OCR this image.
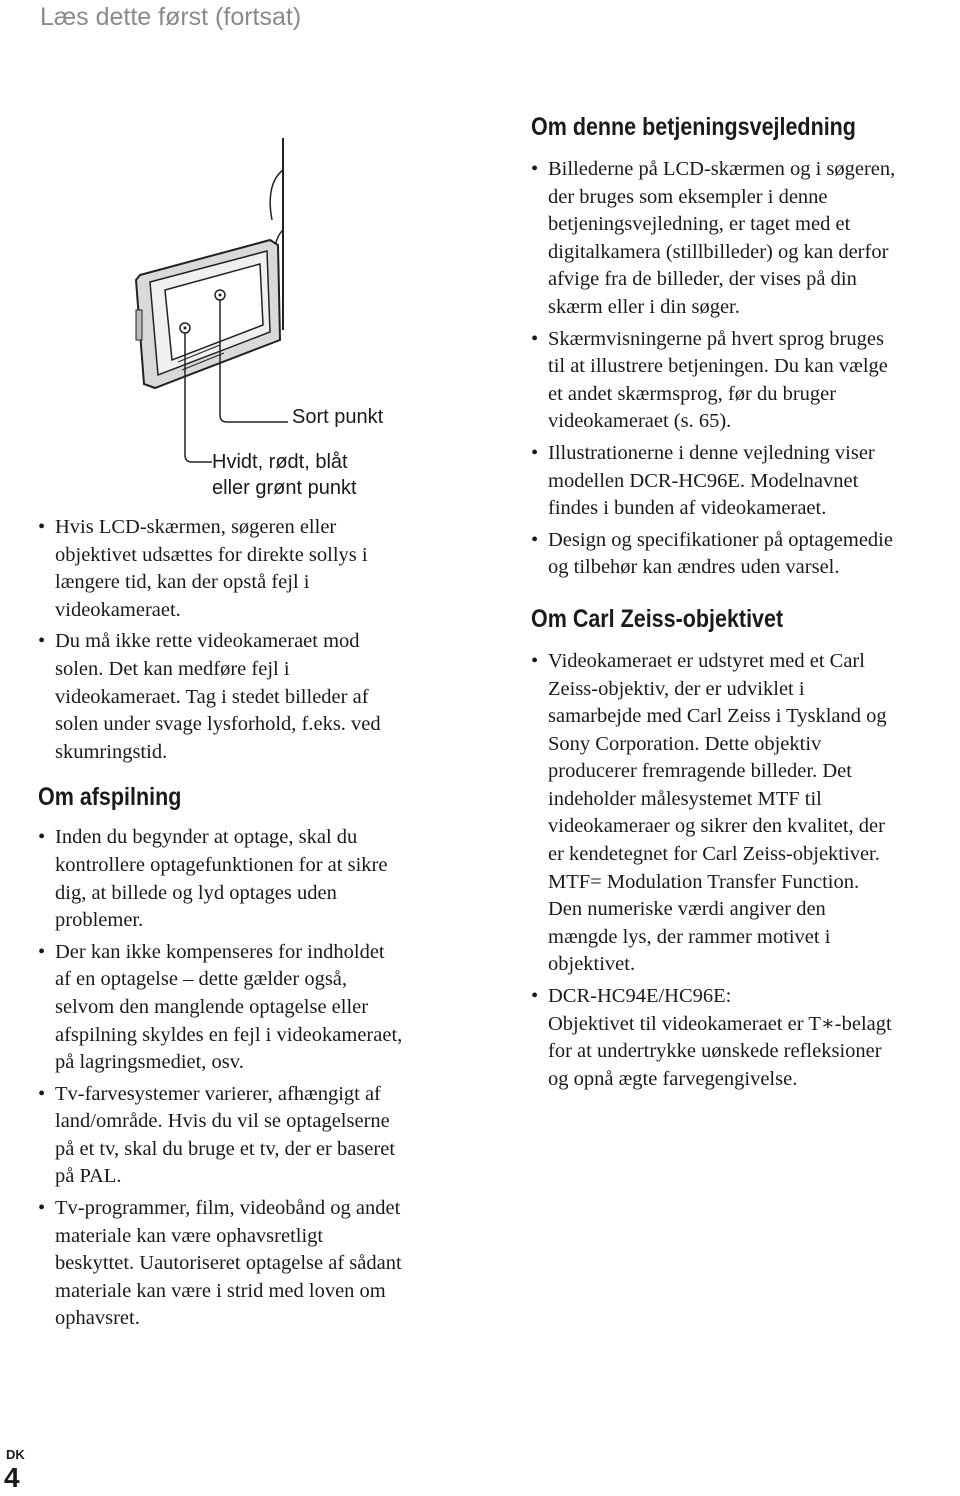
Læs dette først (fortsat)
Sort punkt
Hvidt, rødt, blåt
eller grønt punkt
• Hvis LCD-skærmen, søgeren eller
objektivet udsættes for direkte sollys i
længere tid, kan der opstå fejl i
videokameraet.
• Du må ikke rette videokameraet mod
solen. Det kan medføre fejl i
videokameraet. Tag i stedet billeder af
solen under svage lysforhold, f.eks. ved
skumringstid.
Om afspilning
• Inden du begynder at optage, skal du
kontrollere optagefunktionen for at sikre
dig, at billede og lyd optages uden
problemer.
• Der kan ikke kompenseres for indholdet
af en optagelse – dette gælder også,
selvom den manglende optagelse eller
afspilning skyldes en fejl i videokameraet,
på lagringsmediet, osv.
• Tv-farvesystemer varierer, afhængigt af
land/område. Hvis du vil se optagelserne
på et tv, skal du bruge et tv, der er baseret
på PAL.
• Tv-programmer, film, videobånd og andet
materiale kan være ophavsretligt
beskyttet. Uautoriseret optagelse af sådant
materiale kan være i strid med loven om
ophavsret.
Om denne betjeningsvejledning
• Billederne på LCD-skærmen og i søgeren,
der bruges som eksempler i denne
betjeningsvejledning, er taget med et
digitalkamera (stillbilleder) og kan derfor
afvige fra de billeder, der vises på din
skærm eller i din søger.
• Skærmvisningerne på hvert sprog bruges
til at illustrere betjeningen. Du kan vælge
et andet skærmsprog, før du bruger
videokameraet (s. 65).
• Illustrationerne i denne vejledning viser
modellen DCR-HC96E. Modelnavnet
findes i bunden af videokameraet.
• Design og specifikationer på optagemedie
og tilbehør kan ændres uden varsel.
Om Carl Zeiss-objektivet
• Videokameraet er udstyret med et Carl
Zeiss-objektiv, der er udviklet i
samarbejde med Carl Zeiss i Tyskland og
Sony Corporation. Dette objektiv
producerer fremragende billeder. Det
indeholder målesystemet MTF til
videokameraer og sikrer den kvalitet, der
er kendetegnet for Carl Zeiss-objektiver.
MTF= Modulation Transfer Function.
Den numeriske værdi angiver den
mængde lys, der rammer motivet i
objektivet.
• DCR-HC94E/HC96E:
Objektivet til videokameraet er T∗-belagt
for at undertrykke uønskede refleksioner
og opnå ægte farvegengivelse.
DK
4
